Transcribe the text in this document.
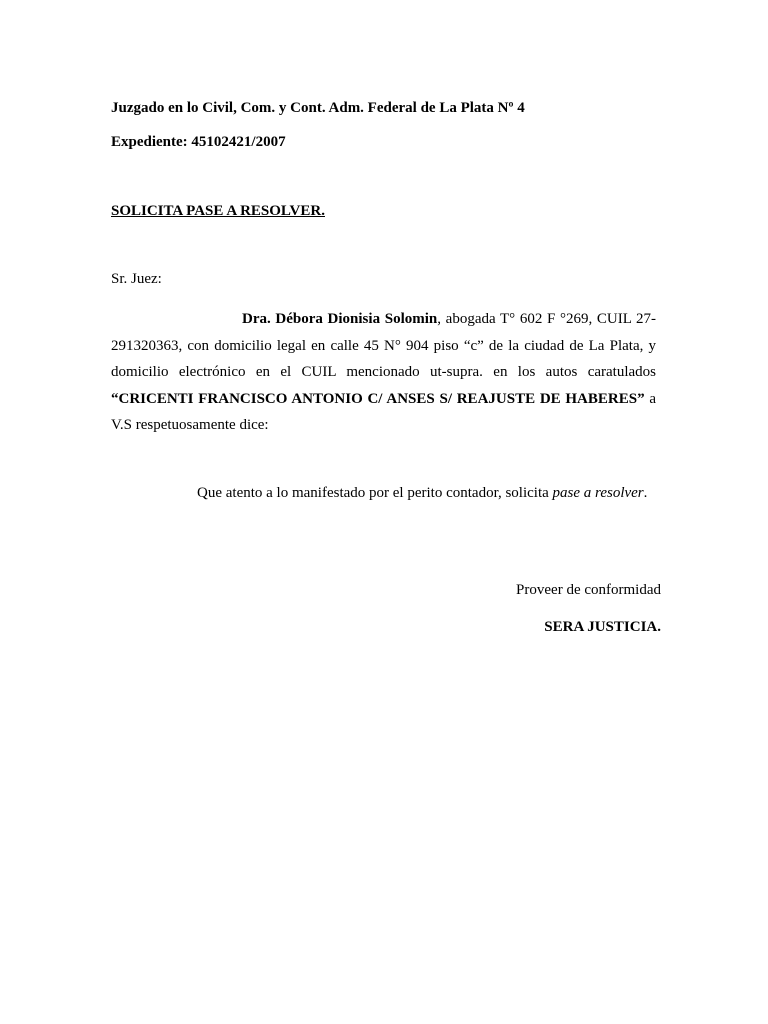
Juzgado en lo Civil, Com. y Cont. Adm. Federal de La Plata Nº 4
Expediente: 45102421/2007
SOLICITA PASE A RESOLVER.
Sr. Juez:
Dra. Débora Dionisia Solomin, abogada T° 602 F °269, CUIL 27-291320363, con domicilio legal en calle 45 N° 904 piso “c” de la ciudad de La Plata, y domicilio electrónico en el CUIL mencionado ut-supra. en los autos caratulados “CRICENTI FRANCISCO ANTONIO C/ ANSES S/ REAJUSTE DE HABERES” a V.S respetuosamente dice:
Que atento a lo manifestado por el perito contador, solicita pase a resolver.
Proveer de conformidad
SERA JUSTICIA.
